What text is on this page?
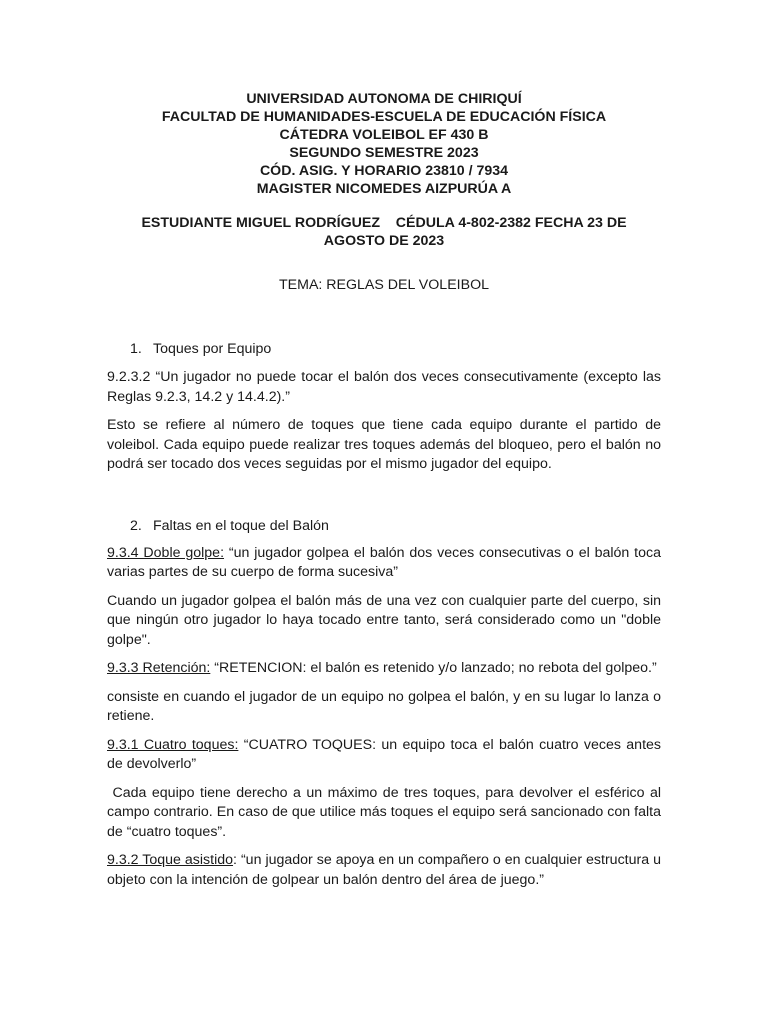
UNIVERSIDAD AUTONOMA DE CHIRIQUÍ
FACULTAD DE HUMANIDADES-ESCUELA DE EDUCACIÓN FÍSICA
CÁTEDRA VOLEIBOL EF 430 B
SEGUNDO SEMESTRE 2023
CÓD. ASIG. Y HORARIO 23810 / 7934
MAGISTER NICOMEDES AIZPURÚA A
ESTUDIANTE MIGUEL RODRÍGUEZ    CÉDULA 4-802-2382 FECHA 23 DE
AGOSTO DE 2023
TEMA: REGLAS DEL VOLEIBOL
1. Toques por Equipo

9.2.3.2 “Un jugador no puede tocar el balón dos veces consecutivamente (excepto las Reglas 9.2.3, 14.2 y 14.4.2).”

Esto se refiere al número de toques que tiene cada equipo durante el partido de voleibol. Cada equipo puede realizar tres toques además del bloqueo, pero el balón no podrá ser tocado dos veces seguidas por el mismo jugador del equipo.

2. Faltas en el toque del Balón

9.3.4 Doble golpe: “un jugador golpea el balón dos veces consecutivas o el balón toca varias partes de su cuerpo de forma sucesiva”

Cuando un jugador golpea el balón más de una vez con cualquier parte del cuerpo, sin que ningún otro jugador lo haya tocado entre tanto, será considerado como un "doble golpe".

9.3.3 Retención: “RETENCION: el balón es retenido y/o lanzado; no rebota del golpeo.”

consiste en cuando el jugador de un equipo no golpea el balón, y en su lugar lo lanza o retiene.

9.3.1 Cuatro toques: “CUATRO TOQUES: un equipo toca el balón cuatro veces antes de devolverlo”

Cada equipo tiene derecho a un máximo de tres toques, para devolver el esférico al campo contrario. En caso de que utilice más toques el equipo será sancionado con falta de “cuatro toques”.

9.3.2 Toque asistido: “un jugador se apoya en un compañero o en cualquier estructura u objeto con la intención de golpear un balón dentro del área de juego.”
